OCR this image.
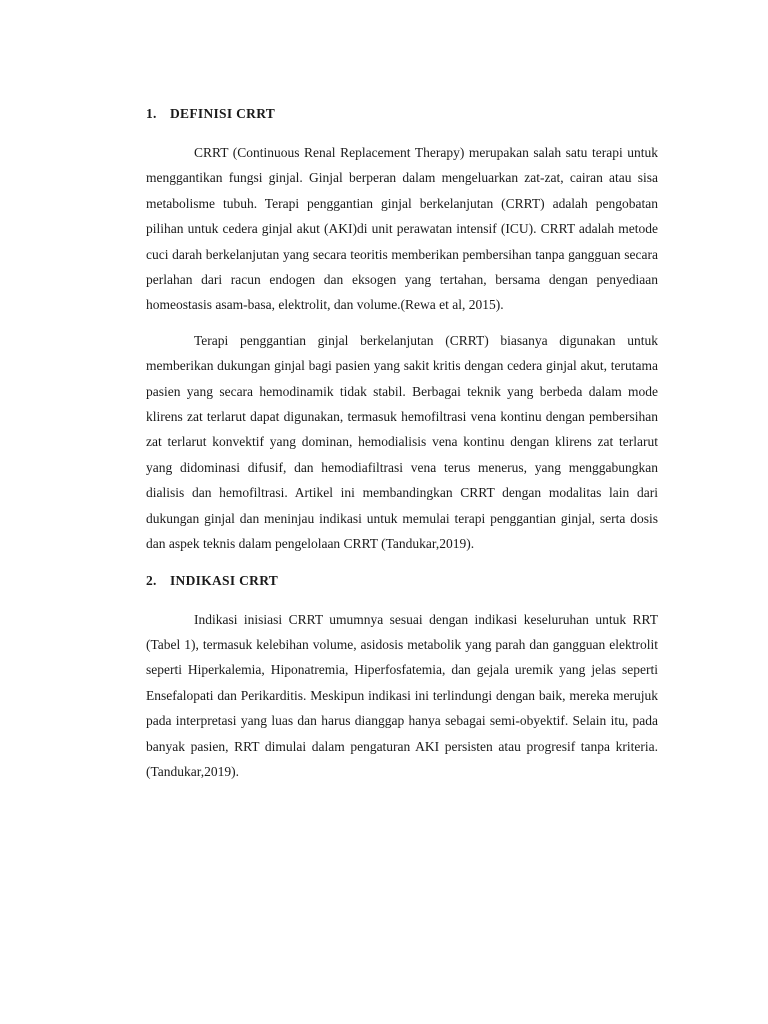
1. DEFINISI CRRT

CRRT (Continuous Renal Replacement Therapy) merupakan salah satu terapi untuk menggantikan fungsi ginjal. Ginjal berperan dalam mengeluarkan zat-zat, cairan atau sisa metabolisme tubuh. Terapi penggantian ginjal berkelanjutan (CRRT) adalah pengobatan pilihan untuk cedera ginjal akut (AKI)di unit perawatan intensif (ICU). CRRT adalah metode cuci darah berkelanjutan yang secara teoritis memberikan pembersihan tanpa gangguan secara perlahan dari racun endogen dan eksogen yang tertahan, bersama dengan penyediaan homeostasis asam-basa, elektrolit, dan volume.(Rewa et al, 2015).

Terapi penggantian ginjal berkelanjutan (CRRT) biasanya digunakan untuk memberikan dukungan ginjal bagi pasien yang sakit kritis dengan cedera ginjal akut, terutama pasien yang secara hemodinamik tidak stabil. Berbagai teknik yang berbeda dalam mode klirens zat terlarut dapat digunakan, termasuk hemofiltrasi vena kontinu dengan pembersihan zat terlarut konvektif yang dominan, hemodialisis vena kontinu dengan klirens zat terlarut yang didominasi difusif, dan hemodiafiltrasi vena terus menerus, yang menggabungkan dialisis dan hemofiltrasi. Artikel ini membandingkan CRRT dengan modalitas lain dari dukungan ginjal dan meninjau indikasi untuk memulai terapi penggantian ginjal, serta dosis dan aspek teknis dalam pengelolaan CRRT (Tandukar,2019).

2. INDIKASI CRRT

Indikasi inisiasi CRRT umumnya sesuai dengan indikasi keseluruhan untuk RRT (Tabel 1), termasuk kelebihan volume, asidosis metabolik yang parah dan gangguan elektrolit seperti Hiperkalemia, Hiponatremia, Hiperfosfatemia, dan gejala uremik yang jelas seperti Ensefalopati dan Perikarditis. Meskipun indikasi ini terlindungi dengan baik, mereka merujuk pada interpretasi yang luas dan harus dianggap hanya sebagai semi-obyektif. Selain itu, pada banyak pasien, RRT dimulai dalam pengaturan AKI persisten atau progresif tanpa kriteria. (Tandukar,2019).
